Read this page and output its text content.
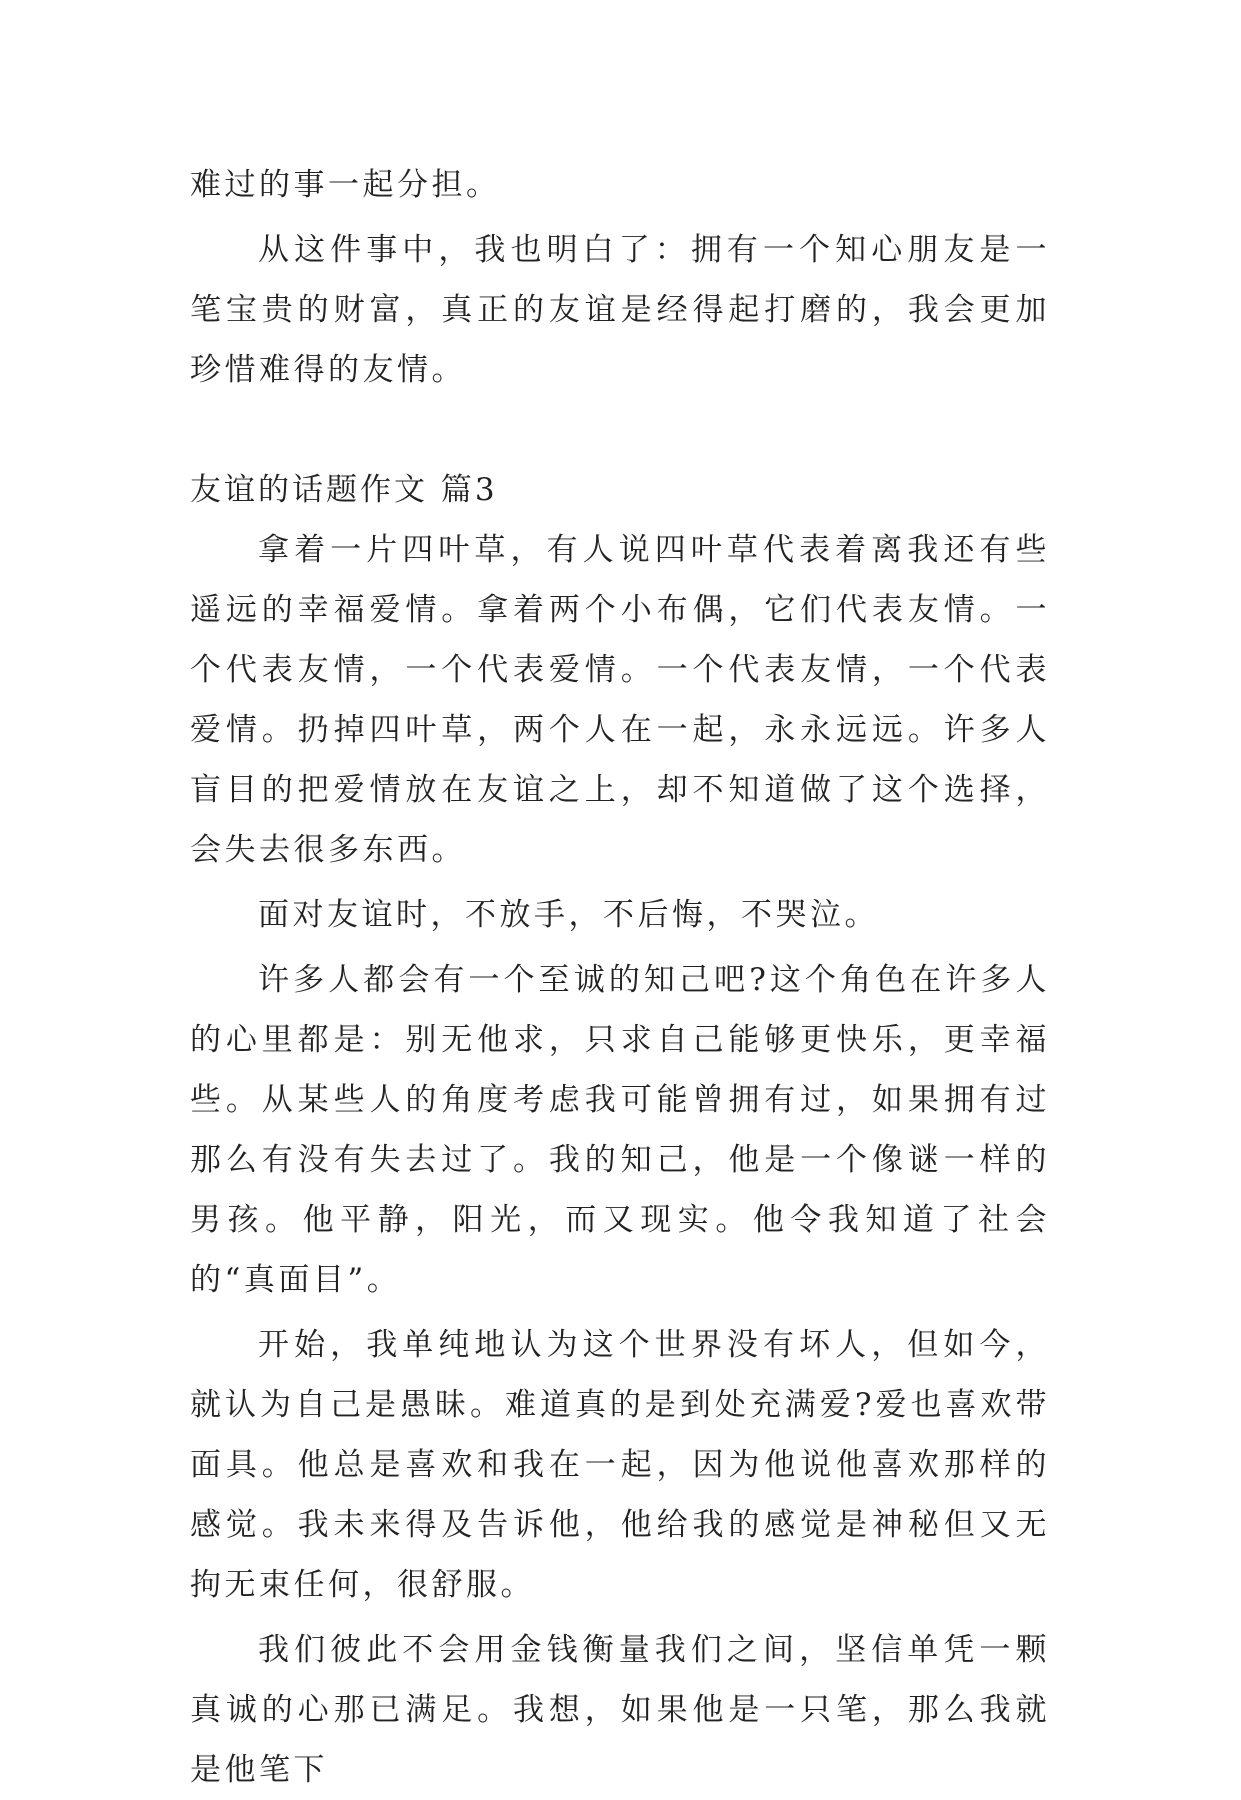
难过的事一起分担。

从这件事中，我也明白了：拥有一个知心朋友是一笔宝贵的财富，真正的友谊是经得起打磨的，我会更加珍惜难得的友情。

友谊的话题作文 篇3

拿着一片四叶草，有人说四叶草代表着离我还有些遥远的幸福爱情。拿着两个小布偶，它们代表友情。一个代表友情，一个代表爱情。一个代表友情，一个代表爱情。扔掉四叶草，两个人在一起，永永远远。许多人盲目的把爱情放在友谊之上，却不知道做了这个选择，会失去很多东西。

面对友谊时，不放手，不后悔，不哭泣。

许多人都会有一个至诚的知己吧?这个角色在许多人的心里都是：别无他求，只求自己能够更快乐，更幸福些。从某些人的角度考虑我可能曾拥有过，如果拥有过那么有没有失去过了。我的知己，他是一个像谜一样的男孩。他平静，阳光，而又现实。他令我知道了社会的“真面目”。

开始，我单纯地认为这个世界没有坏人，但如今，就认为自己是愚昧。难道真的是到处充满爱?爱也喜欢带面具。他总是喜欢和我在一起，因为他说他喜欢那样的感觉。我未来得及告诉他，他给我的感觉是神秘但又无拘无束任何，很舒服。

我们彼此不会用金钱衡量我们之间，坚信单凭一颗真诚的心那已满足。我想，如果他是一只笔，那么我就是他笔下
